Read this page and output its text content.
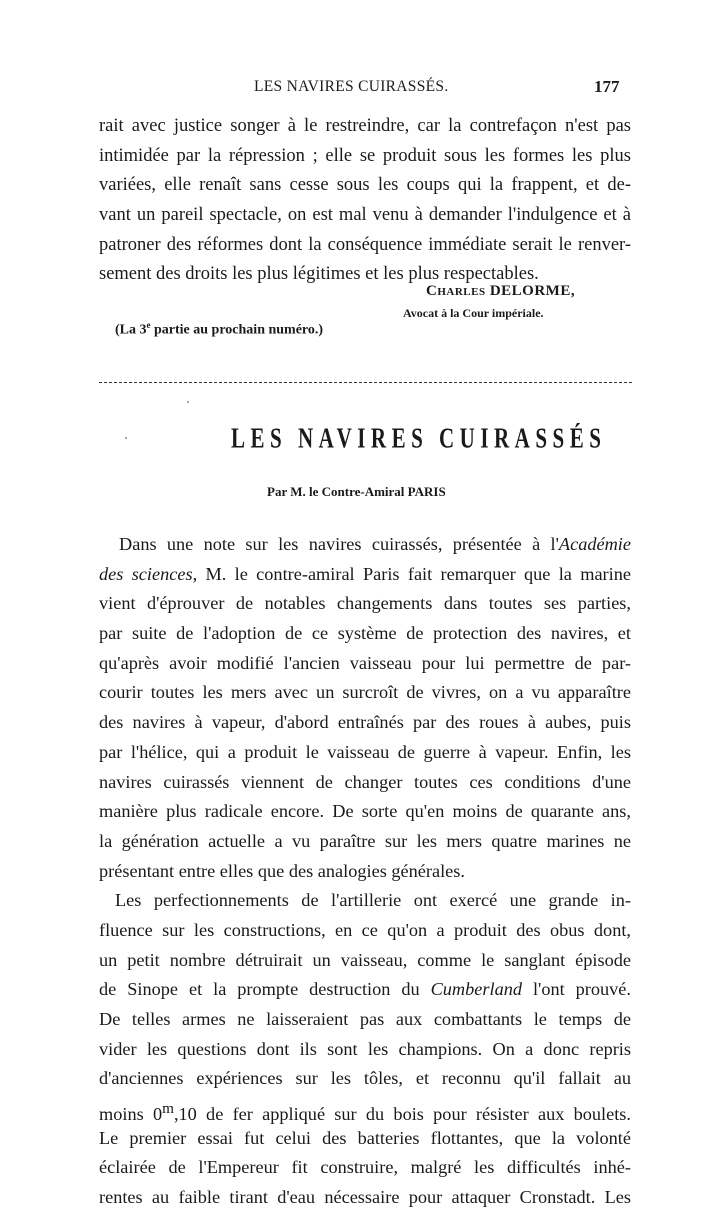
LES NAVIRES CUIRASSÉS.	177
rait avec justice songer à le restreindre, car la contrefaçon n'est pas
intimidée par la répression ; elle se produit sous les formes les plus
variées, elle renaît sans cesse sous les coups qui la frappent, et de-
vant un pareil spectacle, on est mal venu à demander l'indulgence et à
patroner des réformes dont la conséquence immédiate serait le renver-
sement des droits les plus légitimes et les plus respectables.
CHARLES DELORME,
Avocat à la Cour impériale.
(La 3e partie au prochain numéro.)
LES NAVIRES CUIRASSÉS
Par M. le Contre-Amiral PARIS
Dans une note sur les navires cuirassés, présentée à l'Académie
des sciences, M. le contre-amiral Paris fait remarquer que la marine
vient d'éprouver de notables changements dans toutes ses parties,
par suite de l'adoption de ce système de protection des navires, et
qu'après avoir modifié l'ancien vaisseau pour lui permettre de par-
courir toutes les mers avec un surcroît de vivres, on a vu apparaître
des navires à vapeur, d'abord entraînés par des roues à aubes, puis
par l'hélice, qui a produit le vaisseau de guerre à vapeur. Enfin, les
navires cuirassés viennent de changer toutes ces conditions d'une
manière plus radicale encore. De sorte qu'en moins de quarante ans,
la génération actuelle a vu paraître sur les mers quatre marines ne
présentant entre elles que des analogies générales.
Les perfectionnements de l'artillerie ont exercé une grande in-
fluence sur les constructions, en ce qu'on a produit des obus dont,
un petit nombre détruirait un vaisseau, comme le sanglant épisode
de Sinope et la prompte destruction du Cumberland l'ont prouvé.
De telles armes ne laisseraient pas aux combattants le temps de
vider les questions dont ils sont les champions. On a donc repris
d'anciennes expériences sur les tôles, et reconnu qu'il fallait au
moins 0$^m$,10 de fer appliqué sur du bois pour résister aux boulets.
Le premier essai fut celui des batteries flottantes, que la volonté
éclairée de l'Empereur fit construire, malgré les difficultés inhé-
rentes au faible tirant d'eau nécessaire pour attaquer Cronstadt. Les
